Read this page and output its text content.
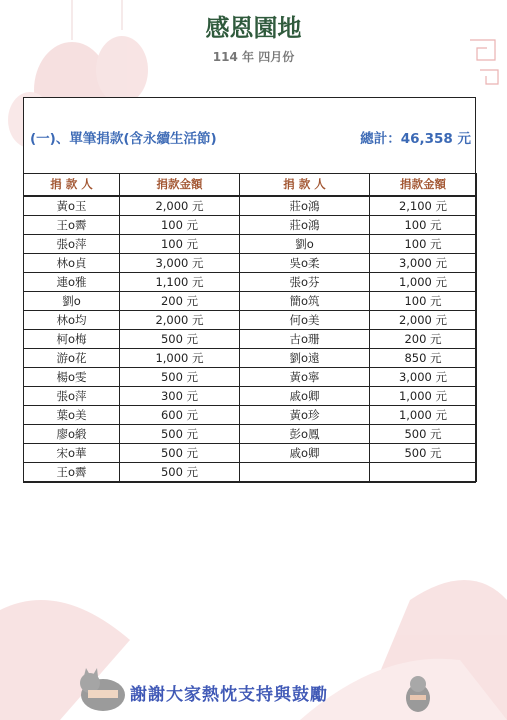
感恩園地
114 年 四月份
(一)、單筆捐款(含永續生活節)	總計：46,358 元
捐 款 人	捐款金額	捐 款 人	捐款金額
黃o玉	2,000 元	莊o鴻	2,100 元
王o霽	100 元	莊o鴻	100 元
張o萍	100 元	劉o	100 元
林o貞	3,000 元	吳o柔	3,000 元
連o雅	1,100 元	張o芬	1,000 元
劉o	200 元	簡o筑	100 元
林o均	2,000 元	何o美	2,000 元
柯o梅	500 元	古o珊	200 元
游o花	1,000 元	劉o遠	850 元
楊o雯	500 元	黃o寧	3,000 元
張o萍	300 元	戚o卿	1,000 元
葉o美	600 元	黃o珍	1,000 元
廖o緞	500 元	彭o鳳	500 元
宋o華	500 元	戚o卿	500 元
王o霽	500 元		
謝謝大家熱忱支持與鼓勵
